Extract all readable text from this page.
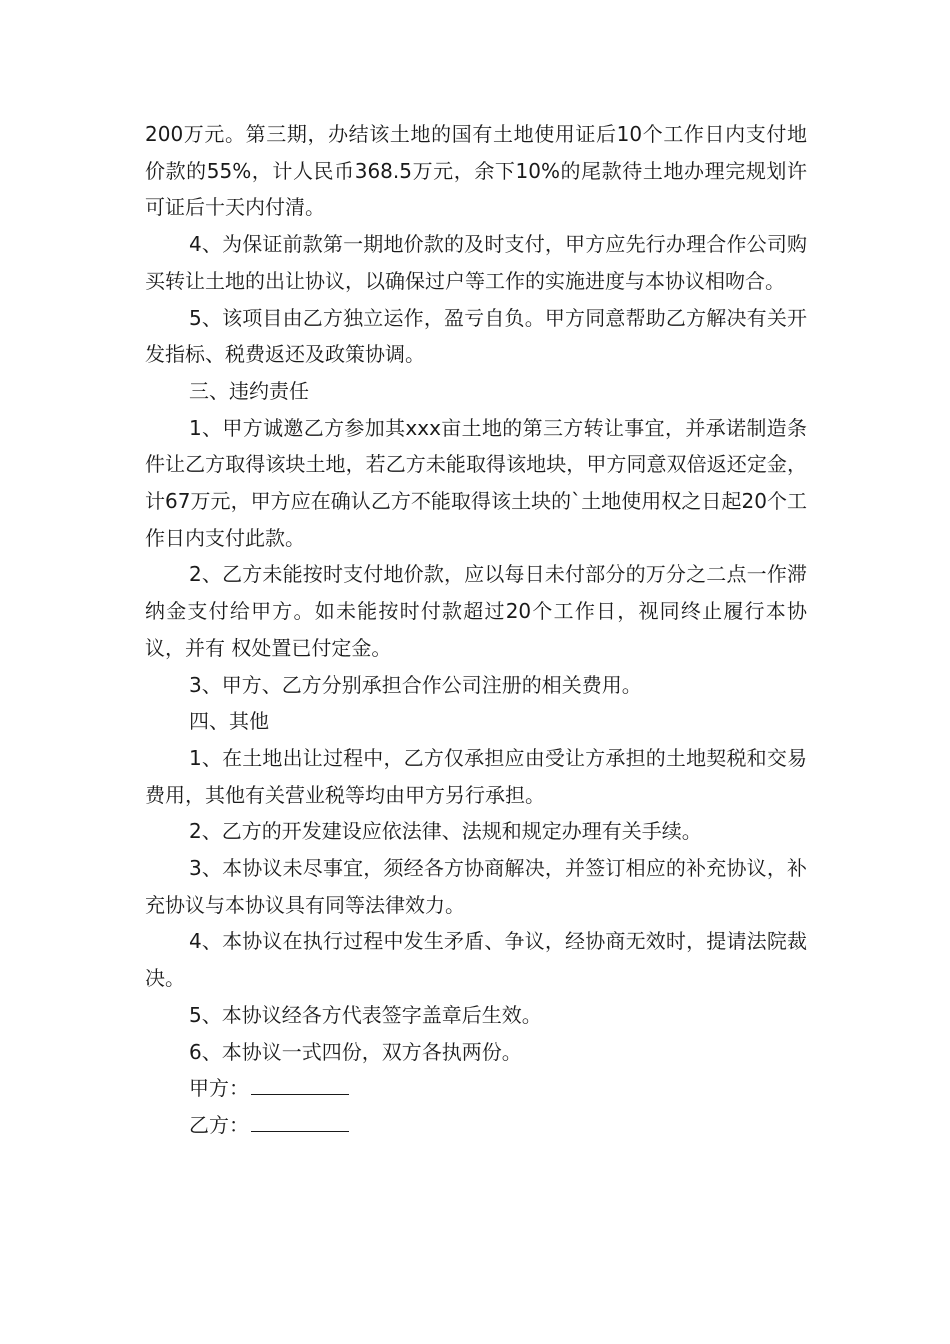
200万元。第三期，办结该土地的国有土地使用证后10个工作日内支付地价款的55%，计人民币368.5万元，余下10%的尾款待土地办理完规划许可证后十天内付清。

4、为保证前款第一期地价款的及时支付，甲方应先行办理合作公司购买转让土地的出让协议，以确保过户等工作的实施进度与本协议相吻合。

5、该项目由乙方独立运作，盈亏自负。甲方同意帮助乙方解决有关开发指标、税费返还及政策协调。

三、违约责任

1、甲方诚邀乙方参加其xxx亩土地的第三方转让事宜，并承诺制造条件让乙方取得该块土地，若乙方未能取得该地块，甲方同意双倍返还定金，计67万元，甲方应在确认乙方不能取得该土块的`土地使用权之日起20个工作日内支付此款。

2、乙方未能按时支付地价款，应以每日未付部分的万分之二点一作滞纳金支付给甲方。如未能按时付款超过20个工作日，视同终止履行本协议，并有 权处置已付定金。

3、甲方、乙方分别承担合作公司注册的相关费用。

四、其他

1、在土地出让过程中，乙方仅承担应由受让方承担的土地契税和交易费用，其他有关营业税等均由甲方另行承担。

2、乙方的开发建设应依法律、法规和规定办理有关手续。

3、本协议未尽事宜，须经各方协商解决，并签订相应的补充协议，补充协议与本协议具有同等法律效力。

4、本协议在执行过程中发生矛盾、争议，经协商无效时，提请法院裁决。

5、本协议经各方代表签字盖章后生效。

6、本协议一式四份，双方各执两份。

甲方：

乙方：
